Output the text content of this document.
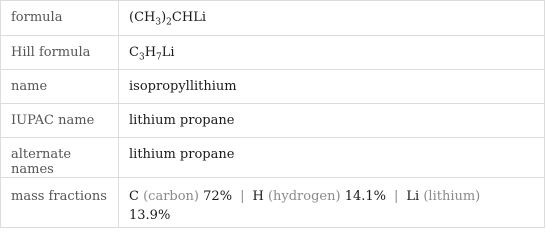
formula	$(CH_3)_2CHLi$
Hill formula	$C_3H_7Li$
name	isopropyllithium
IUPAC name	lithium propane
alternate names	lithium propane
mass fractions	C (carbon) 72% | H (hydrogen) 14.1% | Li (lithium)
13.9%
